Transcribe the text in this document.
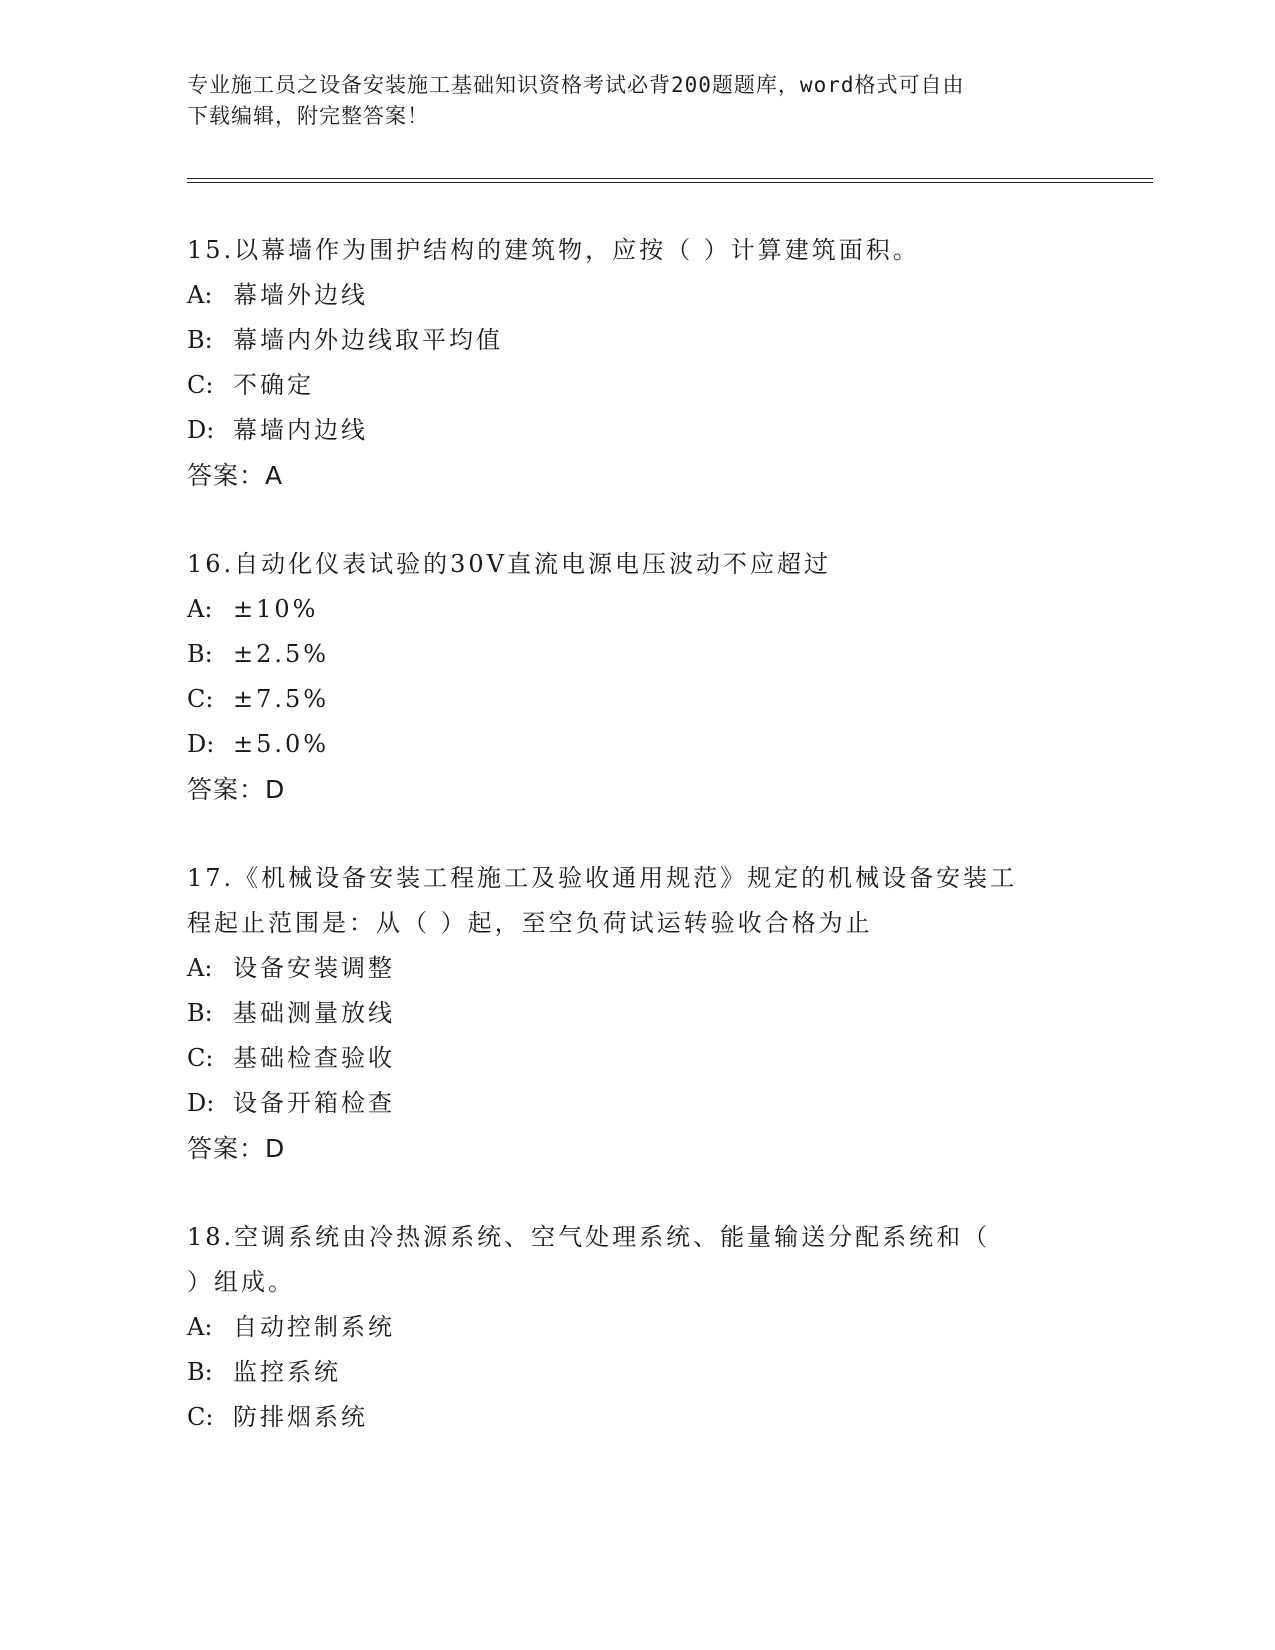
专业施工员之设备安装施工基础知识资格考试必背200题题库，word格式可自由
下载编辑，附完整答案！
15.以幕墙作为围护结构的建筑物，应按（ ）计算建筑面积。
A: 幕墙外边线
B: 幕墙内外边线取平均值
C: 不确定
D: 幕墙内边线
答案：A
16.自动化仪表试验的30V直流电源电压波动不应超过
A: ±10%
B: ±2.5%
C: ±7.5%
D: ±5.0%
答案：D
17.《机械设备安装工程施工及验收通用规范》规定的机械设备安装工
程起止范围是：从（ ）起，至空负荷试运转验收合格为止
A: 设备安装调整
B: 基础测量放线
C: 基础检查验收
D: 设备开箱检查
答案：D
18.空调系统由冷热源系统、空气处理系统、能量输送分配系统和（
）组成。
A: 自动控制系统
B: 监控系统
C: 防排烟系统
